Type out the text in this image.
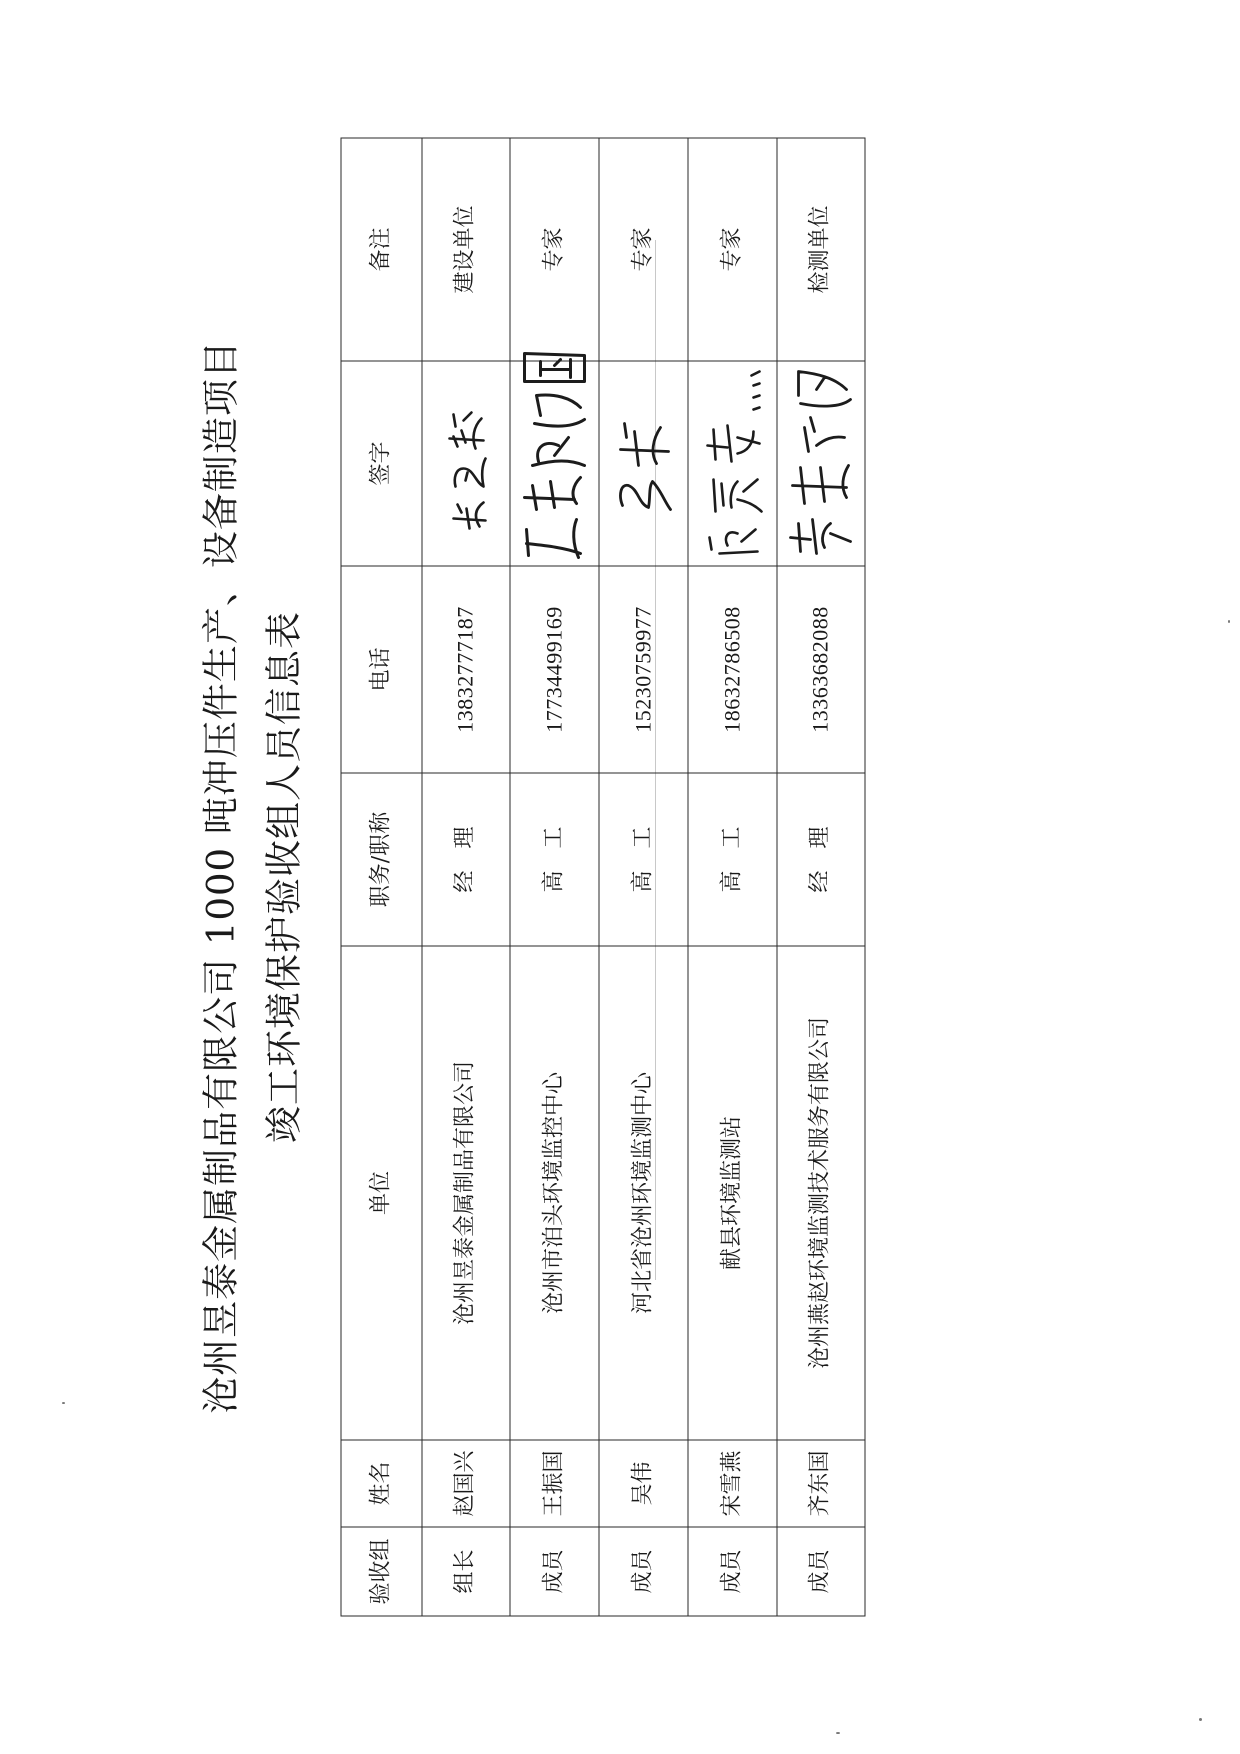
沧州昱泰金属制品有限公司 1000 吨冲压件生产、设备制造项目 竣工环境保护验收组人员信息表
验收组	姓名	单位	职务/职称	电话	签字	备注
组长	赵国兴	沧州昱泰金属制品有限公司	经　理	13832777187		建设单位
成员	王振国	沧州市泊头环境监控中心	高　工	17734499169		专家
成员	吴伟	河北省沧州环境监测中心	高　工	15230759977		专家
成员	宋雪燕	献县环境监测站	高　工	18632786508		专家
成员	齐东国	沧州燕赵环境监测技术服务有限公司	经　理	13363682088		检测单位
